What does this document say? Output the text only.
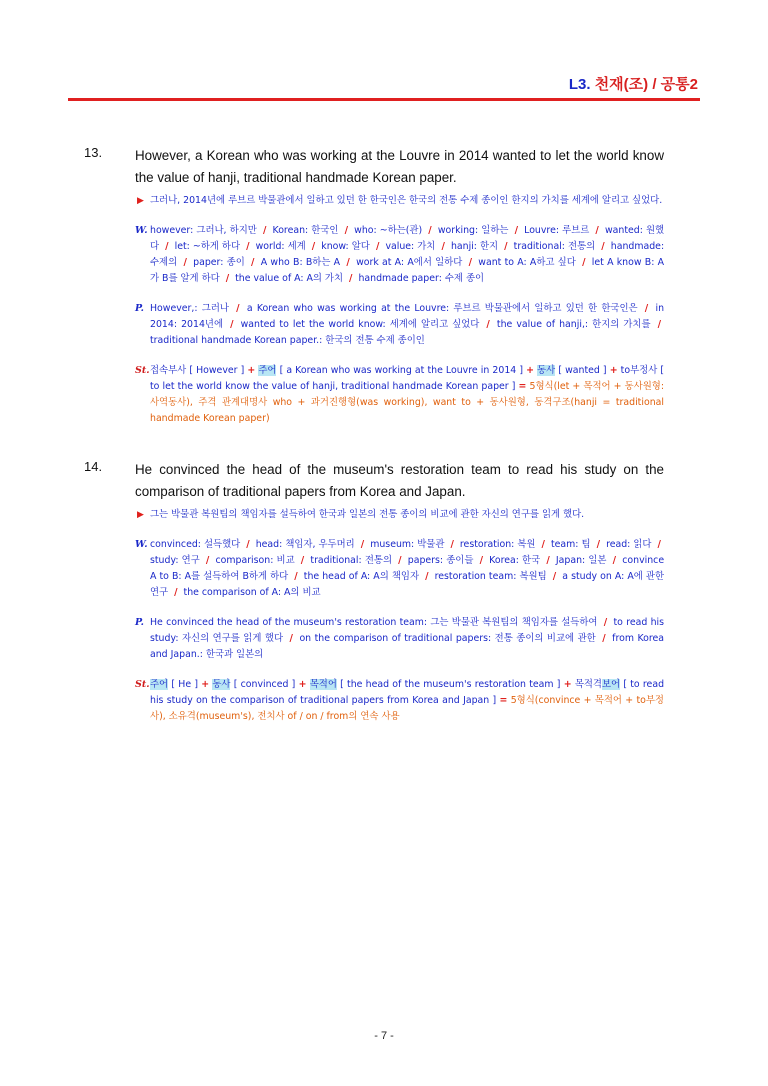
L3. 천재(조) / 공통2
13. However, a Korean who was working at the Louvre in 2014 wanted to let the world know the value of hanji, traditional handmade Korean paper.
▶ 그러나, 2014년에 루브르 박물관에서 일하고 있던 한 한국인은 한국의 전통 수제 종이인 한지의 가치를 세계에 알리고 싶었다.
W. however: 그러나, 하지만 / Korean: 한국인 / who: ~하는(관) / working: 일하는 / Louvre: 루브르 / wanted: 원했다 / let: ~하게 하다 / world: 세계 / know: 알다 / value: 가치 / hanji: 한지 / traditional: 전통의 / handmade: 수제의 / paper: 종이 / A who B: B하는 A / work at A: A에서 일하다 / want to A: A하고 싶다 / let A know B: A가 B를 알게 하다 / the value of A: A의 가치 / handmade paper: 수제 종이
P. However,: 그러나 / a Korean who was working at the Louvre: 루브르 박물관에서 일하고 있던 한 한국인은 / in 2014: 2014년에 / wanted to let the world know: 세계에 알리고 싶었다 / the value of hanji,: 한지의 가치를 / traditional handmade Korean paper.: 한국의 전통 수제 종이인
St. 접속부사 [ However ] + 주어 [ a Korean who was working at the Louvre in 2014 ] + 동사 [ wanted ] + to부정사 [ to let the world know the value of hanji, traditional handmade Korean paper ] = 5형식(let + 목적어 + 동사원형: 사역동사), 주격 관계대명사 who + 과거진행형(was working), want to + 동사원형, 동격구조(hanji = traditional handmade Korean paper)
14. He convinced the head of the museum's restoration team to read his study on the comparison of traditional papers from Korea and Japan.
▶ 그는 박물관 복원팀의 책임자를 설득하여 한국과 일본의 전통 종이의 비교에 관한 자신의 연구를 읽게 했다.
W. convinced: 설득했다 / head: 책임자, 우두머리 / museum: 박물관 / restoration: 복원 / team: 팀 / read: 읽다 / study: 연구 / comparison: 비교 / traditional: 전통의 / papers: 종이들 / Korea: 한국 / Japan: 일본 / convince A to B: A를 설득하여 B하게 하다 / the head of A: A의 책임자 / restoration team: 복원팀 / a study on A: A에 관한 연구 / the comparison of A: A의 비교
P. He convinced the head of the museum's restoration team: 그는 박물관 복원팀의 책임자를 설득하여 / to read his study: 자신의 연구를 읽게 했다 / on the comparison of traditional papers: 전통 종이의 비교에 관한 / from Korea and Japan.: 한국과 일본의
St. 주어 [ He ] + 동사 [ convinced ] + 목적어 [ the head of the museum's restoration team ] + 목적격보어 [ to read his study on the comparison of traditional papers from Korea and Japan ] = 5형식(convince + 목적어 + to부정사), 소유격(museum's), 전치사 of / on / from의 연속 사용
- 7 -
